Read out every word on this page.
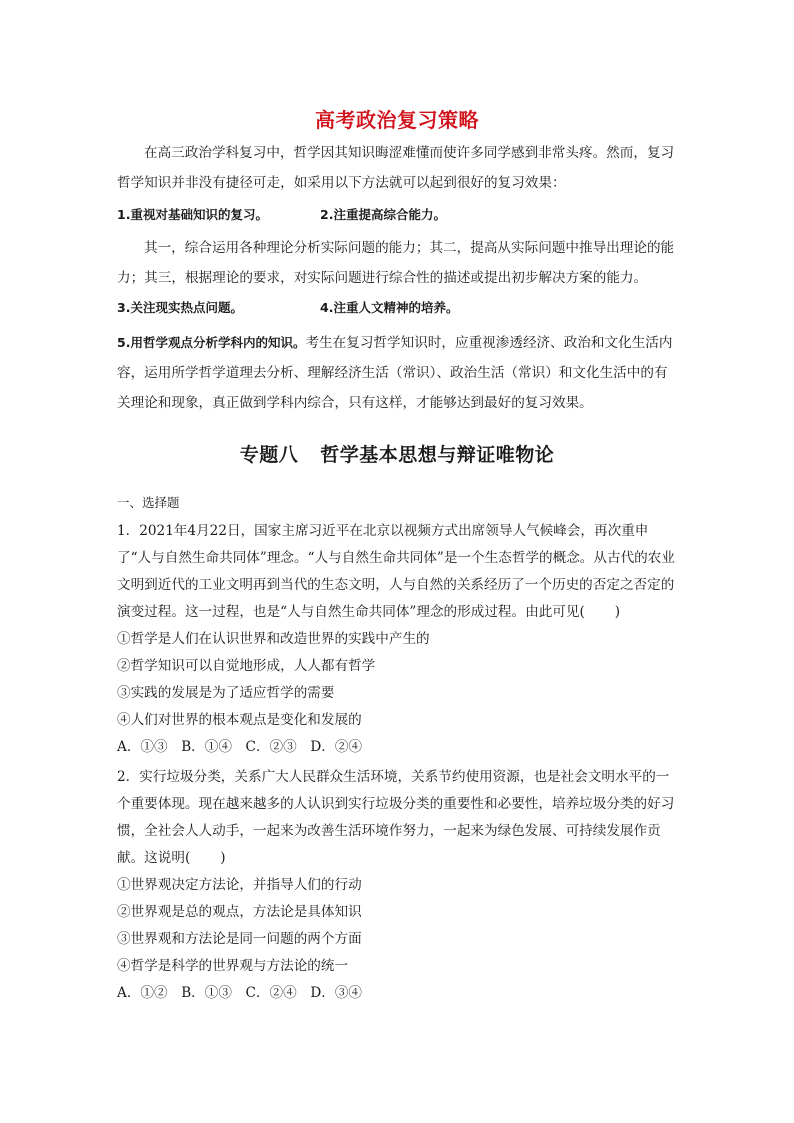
高考政治复习策略

在高三政治学科复习中，哲学因其知识晦涩难懂而使许多同学感到非常头疼。然而，复习哲学知识并非没有捷径可走，如采用以下方法就可以起到很好的复习效果：

1.重视对基础知识的复习。	2.注重提高综合能力。

其一，综合运用各种理论分析实际问题的能力；其二，提高从实际问题中推导出理论的能力；其三，根据理论的要求，对实际问题进行综合性的描述或提出初步解决方案的能力。

3.关注现实热点问题。	4.注重人文精神的培养。

5.用哲学观点分析学科内的知识。考生在复习哲学知识时，应重视渗透经济、政治和文化生活内容，运用所学哲学道理去分析、理解经济生活（常识）、政治生活（常识）和文化生活中的有关理论和现象，真正做到学科内综合，只有这样，才能够达到最好的复习效果。

专题八 哲学基本思想与辩证唯物论
一、选择题
1．2021年4月22日，国家主席习近平在北京以视频方式出席领导人气候峰会，再次重申了“人与自然生命共同体”理念。“人与自然生命共同体”是一个生态哲学的概念。从古代的农业文明到近代的工业文明再到当代的生态文明，人与自然的关系经历了一个历史的否定之否定的演变过程。这一过程，也是“人与自然生命共同体”理念的形成过程。由此可见( )
①哲学是人们在认识世界和改造世界的实践中产生的
②哲学知识可以自觉地形成，人人都有哲学
③实践的发展是为了适应哲学的需要
④人们对世界的根本观点是变化和发展的
A．①③　B．①④　C．②③　D．②④
2．实行垃圾分类，关系广大人民群众生活环境，关系节约使用资源，也是社会文明水平的一个重要体现。现在越来越多的人认识到实行垃圾分类的重要性和必要性，培养垃圾分类的好习惯，全社会人人动手，一起来为改善生活环境作努力，一起来为绿色发展、可持续发展作贡献。这说明( )
①世界观决定方法论，并指导人们的行动
②世界观是总的观点，方法论是具体知识
③世界观和方法论是同一问题的两个方面
④哲学是科学的世界观与方法论的统一
A．①②　B．①③　C．②④　D．③④
